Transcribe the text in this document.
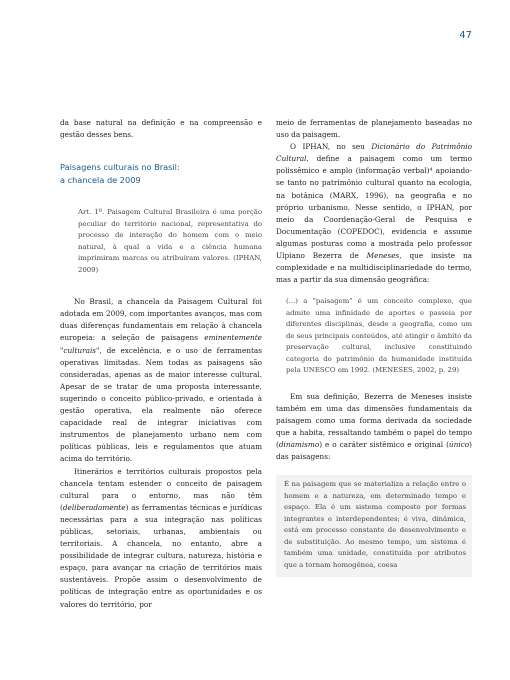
47

da base natural na definição e na compreensão e gestão desses bens.

Paisagens culturais no Brasil:
a chancela de 2009
Art. 1º. Paisagem Cultural Brasileira é uma porção peculiar do território nacional, representativa do processo de interação do homem com o meio natural, à qual a vida e a ciência humana imprimiram marcas ou atribuíram valores. (IPHAN, 2009)

No Brasil, a chancela da Paisagem Cultural foi adotada em 2009, com importantes avanços, mas com duas diferenças fundamentais em relação à chancela europeia: a seleção de paisagens eminentemente "culturais", de excelência, e o uso de ferramentas operativas limitadas. Nem todas as paisagens são consideradas, apenas as de maior interesse cultural. Apesar de se tratar de uma proposta interessante, sugerindo o conceito público-privado, e orientada à gestão operativa, ela realmente não oferece capacidade real de integrar iniciativas com instrumentos de planejamento urbano nem com políticas públicas, leis e regulamentos que atuam acima do território.

Itinerários e territórios culturais propostos pela chancela tentam estender o conceito de paisagem cultural para o entorno, mas não têm (deliberadamente) as ferramentas técnicas e jurídicas necessárias para a sua integração nas políticas públicas, setoriais, urbanas, ambientais ou territoriais. A chancela, no entanto, abre a possibilidade de integrar cultura, natureza, história e espaço, para avançar na criação de territórios mais sustentáveis. Propõe assim o desenvolvimento de políticas de integração entre as oportunidades e os valores do território, por

meio de ferramentas de planejamento baseadas no uso da paisagem.

O IPHAN, no seu Dicionário do Patrimônio Cultural, define a paisagem como um termo polissêmico e amplo (informação verbal)⁴ apoiando-se tanto no patrimônio cultural quanto na ecologia, na botânica (MARX, 1996), na geografia e no próprio urbanismo. Nesse sentido, o IPHAN, por meio da Coordenação-Geral de Pesquisa e Documentação (COPEDOC), evidencia e assume algumas posturas como a mostrada pelo professor Ulpiano Bezerra de Meneses, que insiste na complexidade e na multidisciplinariedade do termo, mas a partir da sua dimensão geográfica:

(...) a "paisagem" é um conceito complexo, que admite uma infinidade de aportes e passeia por diferentes disciplinas, desde a geografia, como um de seus principais conteúdos, até atingir o âmbito da preservação cultural, inclusive constituindo categoria do patrimônio da humanidade instituída pela UNESCO em 1992. (MENESES, 2002, p. 29)

Em sua definição, Bezerra de Meneses insiste também em uma das dimensões fundamentais da paisagem como uma forma derivada da sociedade que a habita, ressaltando também o papel do tempo (dinamismo) e o caráter sistêmico e original (único) das paisagens:

É na paisagem que se materializa a relação entre o homem e a natureza, em determinado tempo e espaço. Ela é um sistema composto por formas integrantes e interdependentes; é viva, dinâmica, está em processo constante de desenvolvimento e de substituição. Ao mesmo tempo, um sistema é também uma unidade, constituída por atributos que a tornam homogênea, coesa
